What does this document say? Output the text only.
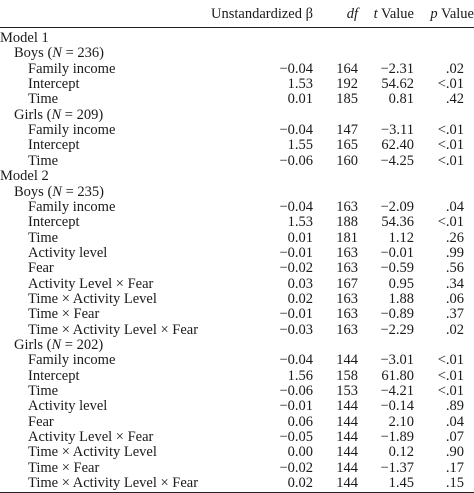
Unstandardized β df t Value p Value
Model 1
Boys (N = 236)
Family income	−0.04 164 −2.31 .02
Intercept	1.53 192 54.62 <.01
Time	0.01 185 0.81 .42
Girls (N = 209)
Family income	−0.04 147 −3.11 <.01
Intercept	1.55 165 62.40 <.01
Time	−0.06 160 −4.25 <.01
Model 2
Boys (N = 235)
Family income	−0.04 163 −2.09 .04
Intercept	1.53 188 54.36 <.01
Time	0.01 181 1.12 .26
Activity level	−0.01 163 −0.01 .99
Fear	−0.02 163 −0.59 .56
Activity Level × Fear	0.03 167 0.95 .34
Time × Activity Level	0.02 163 1.88 .06
Time × Fear	−0.01 163 −0.89 .37
Time × Activity Level × Fear	−0.03 163 −2.29 .02
Girls (N = 202)
Family income	−0.04 144 −3.01 <.01
Intercept	1.56 158 61.80 <.01
Time	−0.06 153 −4.21 <.01
Activity level	−0.01 144 −0.14 .89
Fear	0.06 144 2.10 .04
Activity Level × Fear	−0.05 144 −1.89 .07
Time × Activity Level	0.00 144 0.12 .90
Time × Fear	−0.02 144 −1.37 .17
Time × Activity Level × Fear	0.02 144 1.45 .15
